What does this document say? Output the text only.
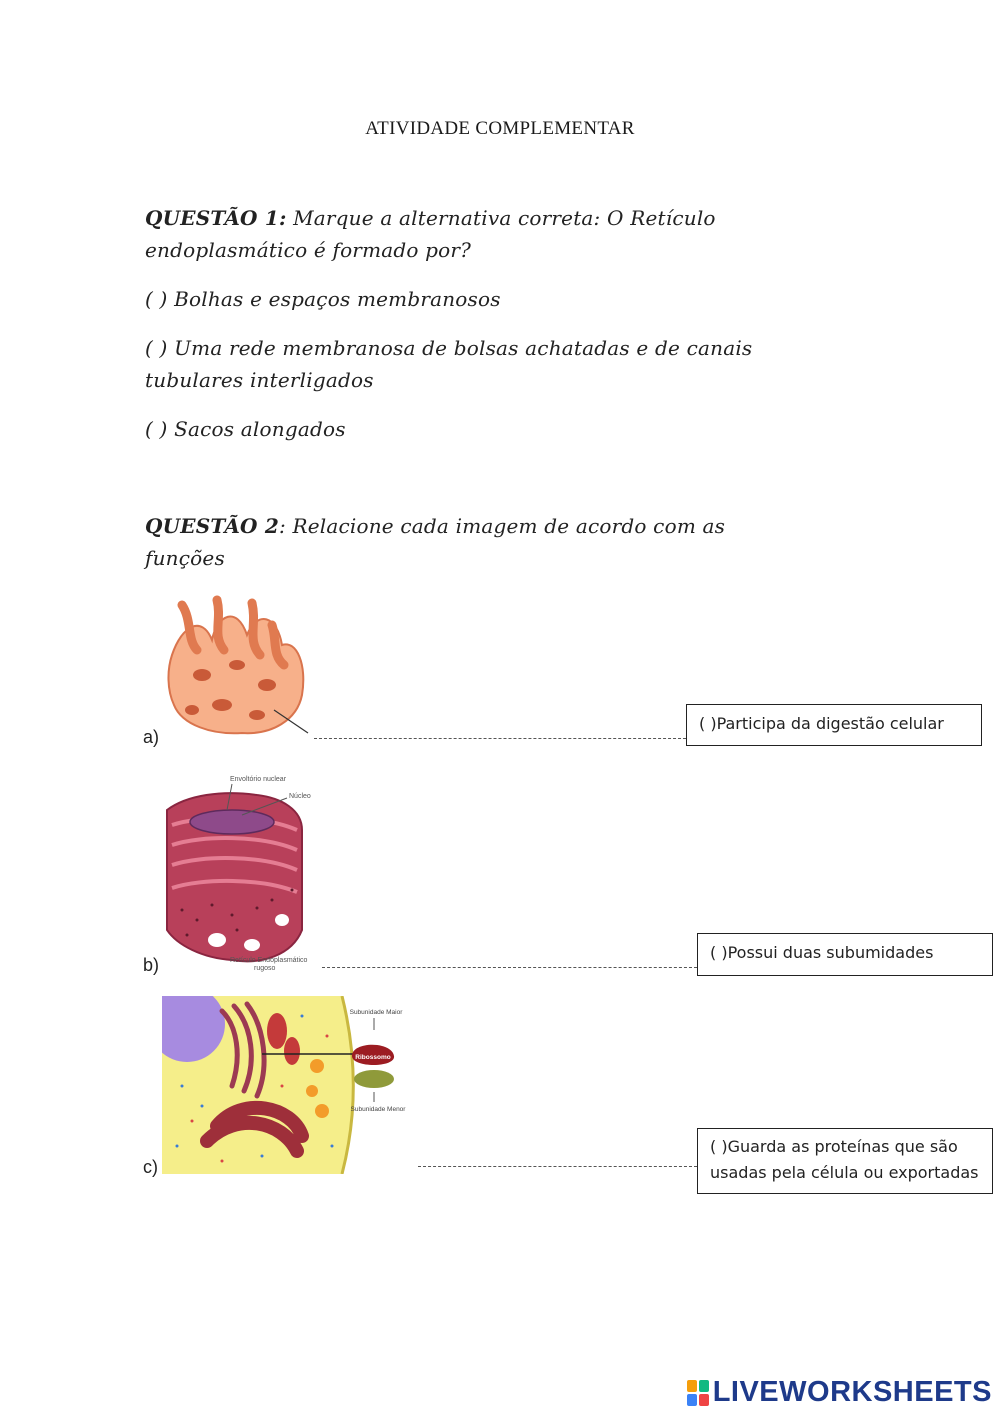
ATIVIDADE COMPLEMENTAR
QUESTÃO 1: Marque a alternativa correta: O Retículo
endoplasmático é formado por?
( ) Bolhas e espaços membranosos
( ) Uma rede membranosa de bolsas achatadas e de canais
tubulares interligados
( ) Sacos alongados
QUESTÃO 2: Relacione cada imagem de acordo com as
funções
a)
( )Participa da digestão celular
b)
Envoltório nuclear
Núcleo
Retículo Endoplasmático
rugoso
( )Possui duas subumidades
c)
Ribossomo
Subunidade Maior
Subunidade Menor
( )Guarda as proteínas que são
usadas pela célula ou exportadas
LIVEWORKSHEETS
